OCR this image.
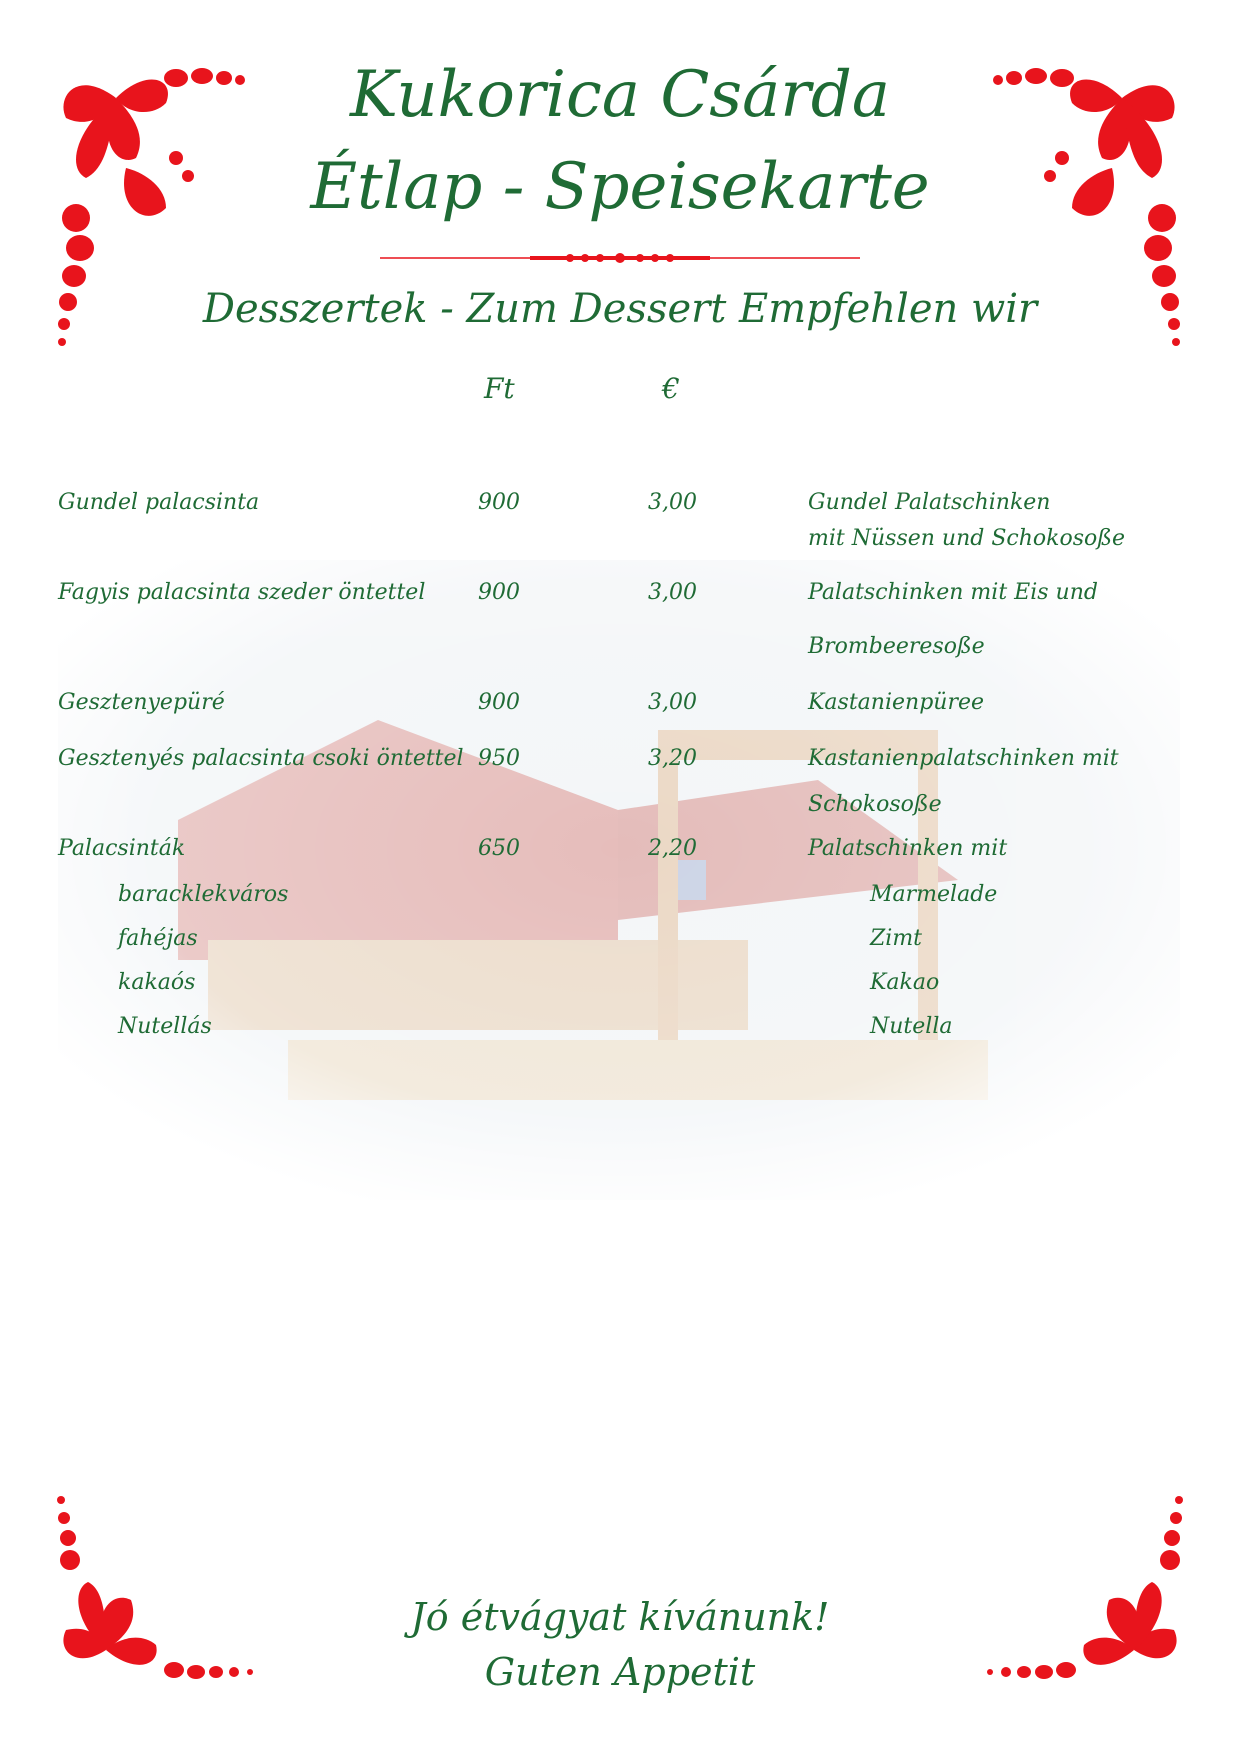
Kukorica Csárda
Étlap - Speisekarte
Desszertek - Zum Dessert Empfehlen wir
Ft	€
Gundel palacsinta	900	3,00	Gundel Palatschinken
mit Nüssen und Schokosoße
Fagyis palacsinta szeder öntettel 900	3,00	Palatschinken mit Eis und
Brombeeresoße
Gesztenyepüré	900	3,00	Kastanienpüree
Gesztenyés palacsinta csoki öntettel 950	3,20	Kastanienpalatschinken mit
Schokosoße
Palacsinták	650	2,20	Palatschinken mit
baracklekváros	Marmelade
fahéjas	Zimt
kakaós	Kakao
Nutellás	Nutella
Jó étvágyat kívánunk!
Guten Appetit
